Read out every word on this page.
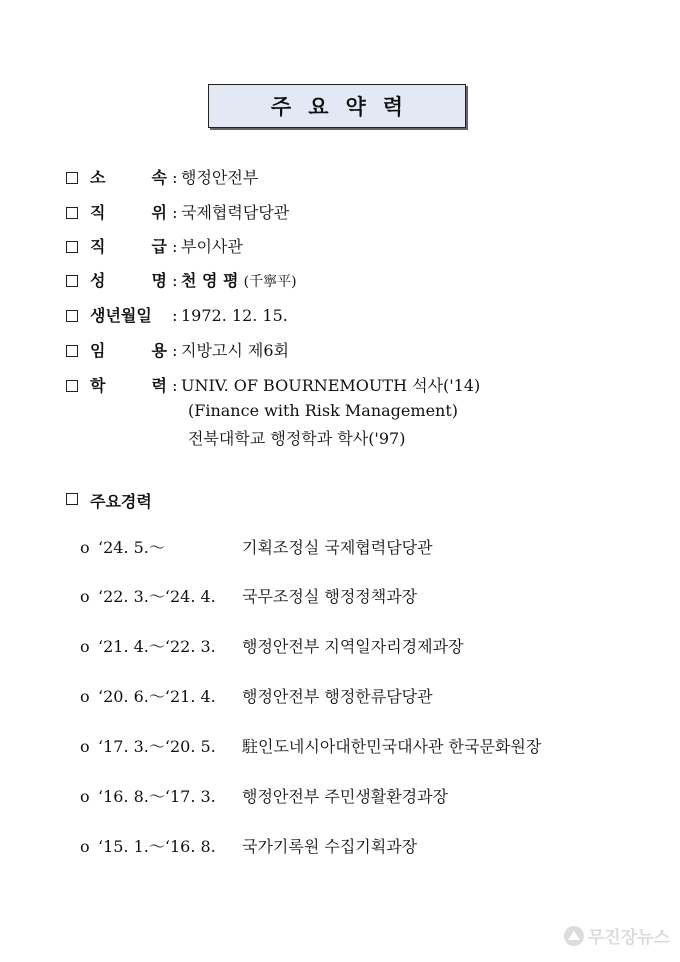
주요약력
소	속 : 행정안전부
직	위 : 국제협력담당관
직	급 : 부이사관
성	명 : 천 영 평 (千寧平)
생년월일 : 1972. 12. 15.
임	용 : 지방고시 제6회
학	력 : UNIV. OF BOURNEMOUTH 석사('14)
(Finance with Risk Management)
전북대학교 행정학과 학사('97)
주요경력
o ‘24. 5.～	기획조정실 국제협력담당관
o ‘22. 3.～‘24. 4.	국무조정실 행정정책과장
o ‘21. 4.～‘22. 3.	행정안전부 지역일자리경제과장
o ‘20. 6.～‘21. 4.	행정안전부 행정한류담당관
o ‘17. 3.～‘20. 5.	駐인도네시아대한민국대사관 한국문화원장
o ‘16. 8.～‘17. 3.	행정안전부 주민생활환경과장
o ‘15. 1.～‘16. 8.	국가기록원 수집기획과장
무진장뉴스
